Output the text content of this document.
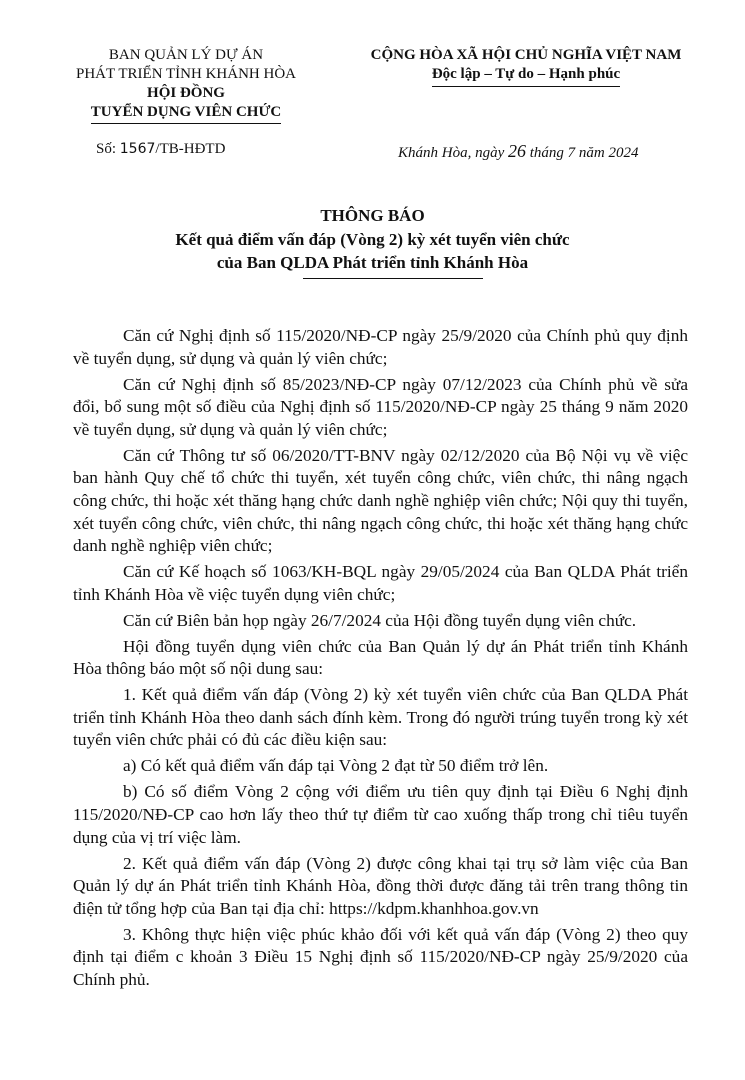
BAN QUẢN LÝ DỰ ÁN
PHÁT TRIỂN TỈNH KHÁNH HÒA
HỘI ĐỒNG
TUYỂN DỤNG VIÊN CHỨC
CỘNG HÒA XÃ HỘI CHỦ NGHĨA VIỆT NAM
Độc lập – Tự do – Hạnh phúc
Số: 1567/TB-HĐTD	Khánh Hòa, ngày 26 tháng 7 năm 2024
THÔNG BÁO
Kết quả điểm vấn đáp (Vòng 2) kỳ xét tuyển viên chức
của Ban QLDA Phát triển tỉnh Khánh Hòa

Căn cứ Nghị định số 115/2020/NĐ-CP ngày 25/9/2020 của Chính phủ quy định về tuyển dụng, sử dụng và quản lý viên chức;

Căn cứ Nghị định số 85/2023/NĐ-CP ngày 07/12/2023 của Chính phủ về sửa đổi, bổ sung một số điều của Nghị định số 115/2020/NĐ-CP ngày 25 tháng 9 năm 2020 về tuyển dụng, sử dụng và quản lý viên chức;

Căn cứ Thông tư số 06/2020/TT-BNV ngày 02/12/2020 của Bộ Nội vụ về việc ban hành Quy chế tổ chức thi tuyển, xét tuyển công chức, viên chức, thi nâng ngạch công chức, thi hoặc xét thăng hạng chức danh nghề nghiệp viên chức; Nội quy thi tuyển, xét tuyển công chức, viên chức, thi nâng ngạch công chức, thi hoặc xét thăng hạng chức danh nghề nghiệp viên chức;

Căn cứ Kế hoạch số 1063/KH-BQL ngày 29/05/2024 của Ban QLDA Phát triển tỉnh Khánh Hòa về việc tuyển dụng viên chức;

Căn cứ Biên bản họp ngày 26/7/2024 của Hội đồng tuyển dụng viên chức.

Hội đồng tuyển dụng viên chức của Ban Quản lý dự án Phát triển tỉnh Khánh Hòa thông báo một số nội dung sau:

1. Kết quả điểm vấn đáp (Vòng 2) kỳ xét tuyển viên chức của Ban QLDA Phát triển tỉnh Khánh Hòa theo danh sách đính kèm. Trong đó người trúng tuyển trong kỳ xét tuyển viên chức phải có đủ các điều kiện sau:

a) Có kết quả điểm vấn đáp tại Vòng 2 đạt từ 50 điểm trở lên.

b) Có số điểm Vòng 2 cộng với điểm ưu tiên quy định tại Điều 6 Nghị định 115/2020/NĐ-CP cao hơn lấy theo thứ tự điểm từ cao xuống thấp trong chỉ tiêu tuyển dụng của vị trí việc làm.

2. Kết quả điểm vấn đáp (Vòng 2) được công khai tại trụ sở làm việc của Ban Quản lý dự án Phát triển tỉnh Khánh Hòa, đồng thời được đăng tải trên trang thông tin điện tử tổng hợp của Ban tại địa chỉ: https://kdpm.khanhhoa.gov.vn

3. Không thực hiện việc phúc khảo đối với kết quả vấn đáp (Vòng 2) theo quy định tại điểm c khoản 3 Điều 15 Nghị định số 115/2020/NĐ-CP ngày 25/9/2020 của Chính phủ.
